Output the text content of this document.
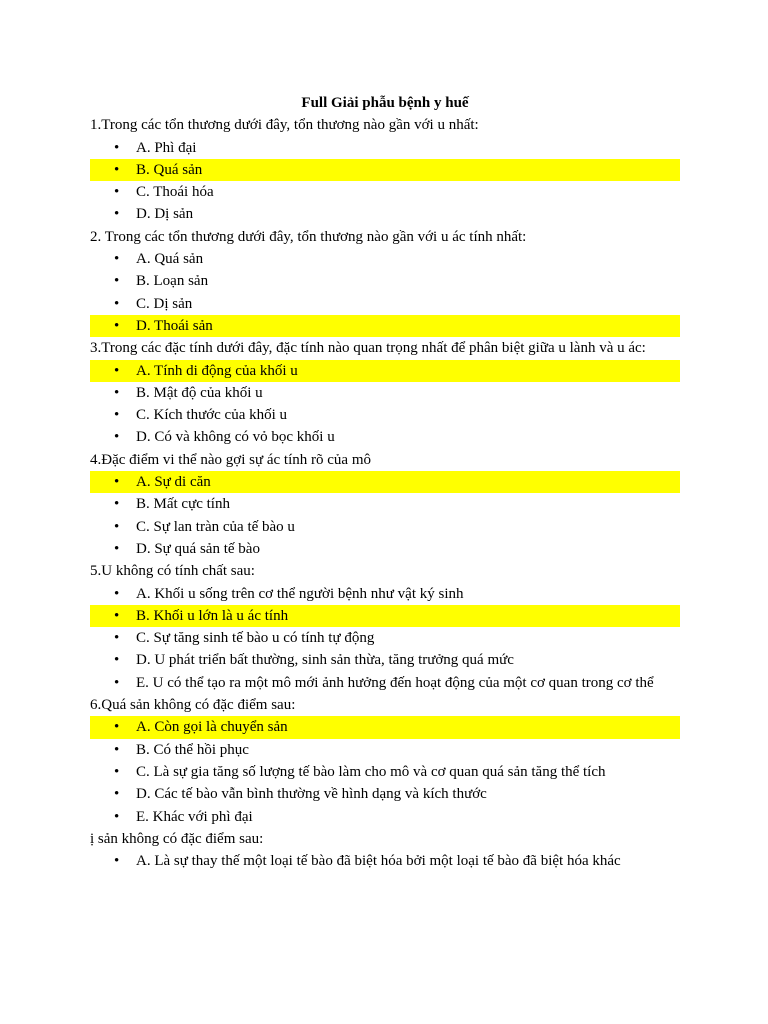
Full Giải phẫu bệnh y huế

1.Trong các tổn thương dưới đây, tổn thương nào gần với u nhất:

• A. Phì đại
• B. Quá sản
• C. Thoái hóa
• D. Dị sản

2. Trong các tổn thương dưới đây, tổn thương nào gần với u ác tính nhất:

• A. Quá sản
• B. Loạn sản
• C. Dị sản
• D. Thoái sản

3.Trong các đặc tính dưới đây, đặc tính nào quan trọng nhất để phân biệt giữa u lành và u ác:

• A. Tính di động của khối u
• B. Mật độ của khối u
• C. Kích thước của khối u
• D. Có và không có vỏ bọc khối u

4.Đặc điểm vi thể nào gợi sự ác tính rõ của mô

• A. Sự di căn
• B. Mất cực tính
• C. Sự lan tràn của tế bào u
• D. Sự quá sản tế bào

5.U không có tính chất sau:

• A. Khối u sống trên cơ thể người bệnh như vật ký sinh
• B. Khối u lớn là u ác tính
• C. Sự tăng sinh tế bào u có tính tự động
• D. U phát triển bất thường, sinh sản thừa, tăng trưởng quá mức
• E. U có thể tạo ra một mô mới ảnh hưởng đến hoạt động của một cơ quan trong cơ thể

6.Quá sản không có đặc điểm sau:

• A. Còn gọi là chuyển sản
• B. Có thể hồi phục
• C. Là sự gia tăng số lượng tế bào làm cho mô và cơ quan quá sản tăng thể tích
• D. Các tế bào vẫn bình thường về hình dạng và kích thước
• E. Khác với phì đại

ị sản không có đặc điểm sau:

• A. Là sự thay thế một loại tế bào đã biệt hóa bởi một loại tế bào đã biệt hóa khác
